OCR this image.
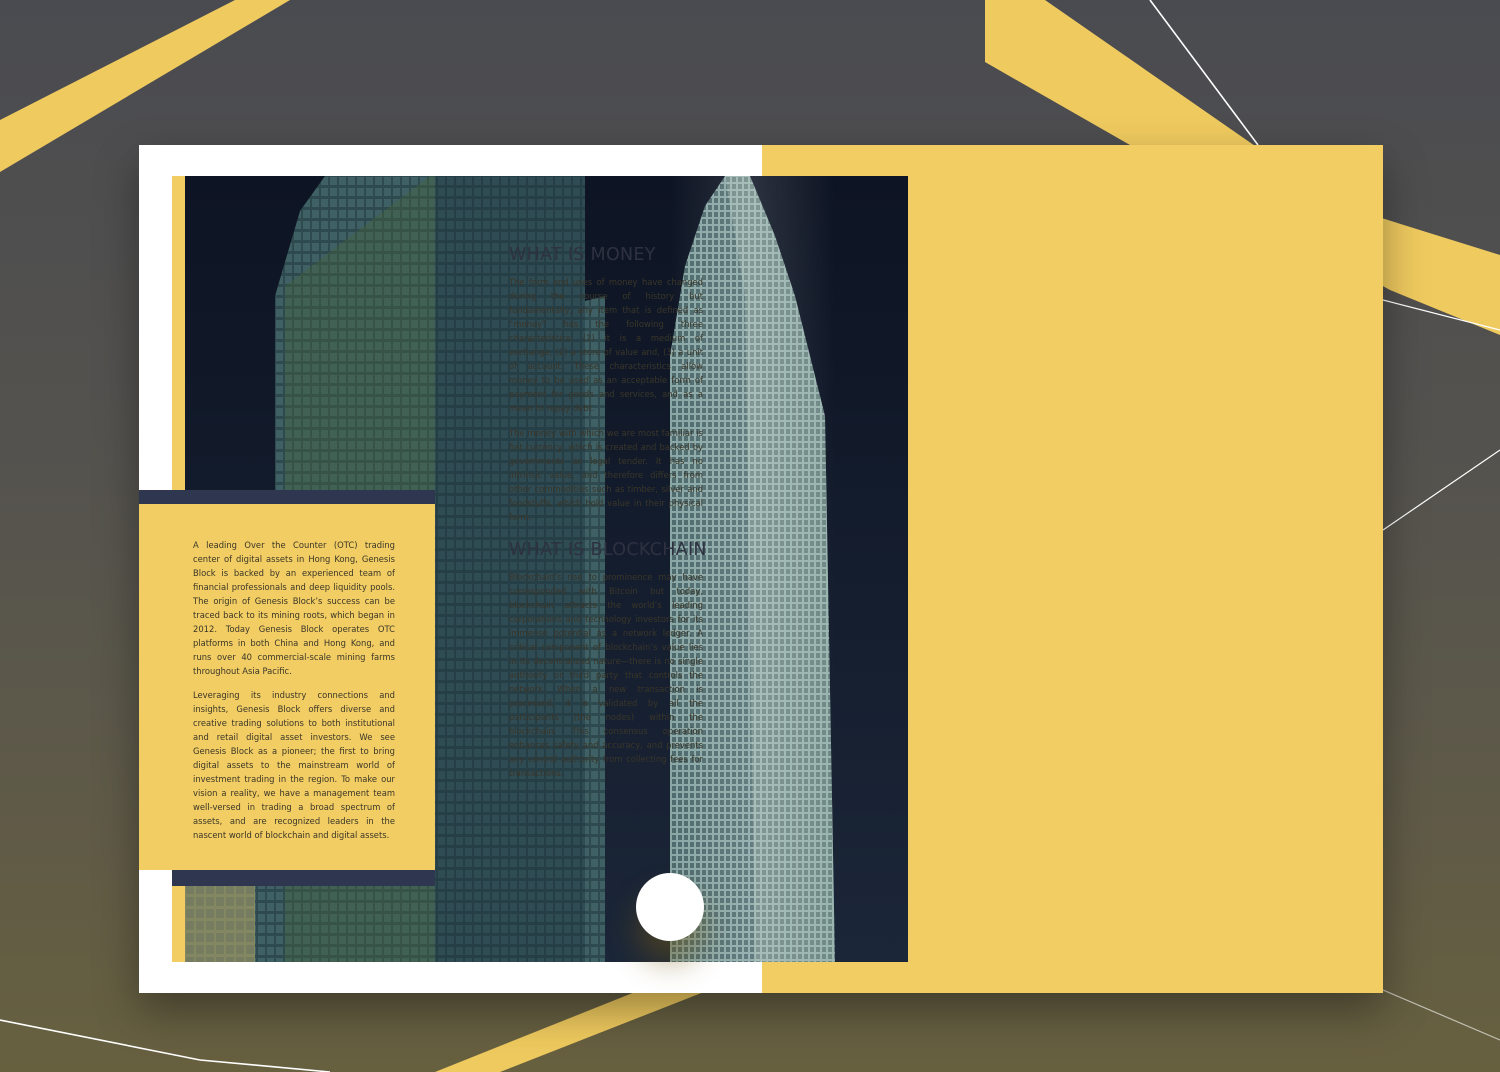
A leading Over the Counter (OTC) trading center of digital assets in Hong Kong, Genesis Block is backed by an experienced team of financial professionals and deep liquidity pools. The origin of Genesis Block’s success can be traced back to its mining roots, which began in 2012. Today Genesis Block operates OTC platforms in both China and Hong Kong, and runs over 40 commercial-scale mining farms throughout Asia Pacific.

Leveraging its industry connections and insights, Genesis Block offers diverse and creative trading solutions to both institutional and retail digital asset investors. We see Genesis Block as a pioneer; the first to bring digital assets to the mainstream world of investment trading in the region. To make our vision a reality, we have a management team well-versed in trading a broad spectrum of assets, and are recognized leaders in the nascent world of blockchain and digital assets.

WHAT IS MONEY

The form and uses of money have changed during the course of history but fundamentally, any item that is defined as “money” has the following three characteristics: (1) it is a medium of exchange, (2) a store of value and, (3) a unit of account. These characteristics allow money to be used as an acceptable form of payment for goods and services, and as a mean to repay debt.

The money with which we are most familiar is fiat currency, which is created and backed by governments as legal tender. It has no intrinsic value, and therefore differs from other commodities such as timber, silver and foodstuffs, which hold value in their physical form.

WHAT IS BLOCKCHAIN

Blockchain’s rise to prominence may have corresponded with Bitcoin but today, blockchain attracts the world’s leading corporations and technology investors for its immense potential as a network ledger. A critical component of blockchain’s value lies in its decentralized nature—there is no single authority or third party that controls the network. When a new transaction is processed, it is validated by all the participants (the nodes) within the blockchain. This consensus operation enhances safety and accuracy, and prevents any central authority from collecting fees for transactions.
